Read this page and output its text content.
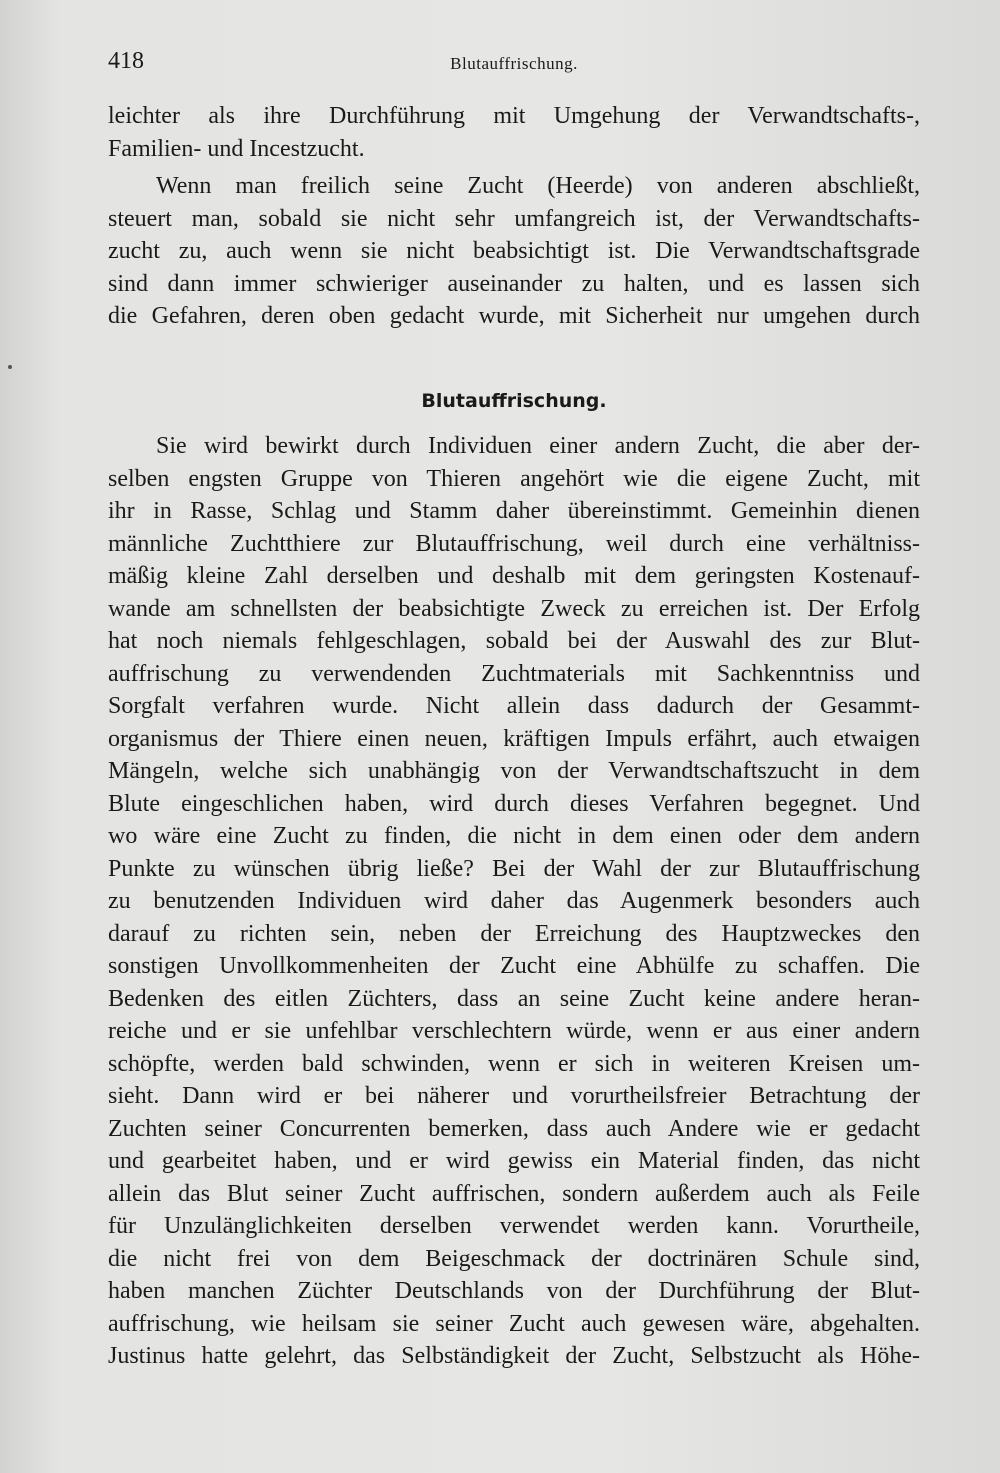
418	Blutauffrischung.
leichter als ihre Durchführung mit Umgehung der Verwandtschafts-,
Familien- und Incestzucht.
Wenn man freilich seine Zucht (Heerde) von anderen abschließt,
steuert man, sobald sie nicht sehr umfangreich ist, der Verwandtschafts-
zucht zu, auch wenn sie nicht beabsichtigt ist. Die Verwandtschaftsgrade
sind dann immer schwieriger auseinander zu halten, und es lassen sich
die Gefahren, deren oben gedacht wurde, mit Sicherheit nur umgehen durch
Blutauffrischung.
Sie wird bewirkt durch Individuen einer andern Zucht, die aber der-
selben engsten Gruppe von Thieren angehört wie die eigene Zucht, mit
ihr in Rasse, Schlag und Stamm daher übereinstimmt. Gemeinhin dienen
männliche Zuchtthiere zur Blutauffrischung, weil durch eine verhältniss-
mäßig kleine Zahl derselben und deshalb mit dem geringsten Kostenauf-
wande am schnellsten der beabsichtigte Zweck zu erreichen ist. Der Erfolg
hat noch niemals fehlgeschlagen, sobald bei der Auswahl des zur Blut-
auffrischung zu verwendenden Zuchtmaterials mit Sachkenntniss und
Sorgfalt verfahren wurde. Nicht allein dass dadurch der Gesammt-
organismus der Thiere einen neuen, kräftigen Impuls erfährt, auch etwaigen
Mängeln, welche sich unabhängig von der Verwandtschaftszucht in dem
Blute eingeschlichen haben, wird durch dieses Verfahren begegnet. Und
wo wäre eine Zucht zu finden, die nicht in dem einen oder dem andern
Punkte zu wünschen übrig ließe? Bei der Wahl der zur Blutauffrischung
zu benutzenden Individuen wird daher das Augenmerk besonders auch
darauf zu richten sein, neben der Erreichung des Hauptzweckes den
sonstigen Unvollkommenheiten der Zucht eine Abhülfe zu schaffen. Die
Bedenken des eitlen Züchters, dass an seine Zucht keine andere heran-
reiche und er sie unfehlbar verschlechtern würde, wenn er aus einer andern
schöpfte, werden bald schwinden, wenn er sich in weiteren Kreisen um-
sieht. Dann wird er bei näherer und vorurtheilsfreier Betrachtung der
Zuchten seiner Concurrenten bemerken, dass auch Andere wie er gedacht
und gearbeitet haben, und er wird gewiss ein Material finden, das nicht
allein das Blut seiner Zucht auffrischen, sondern außerdem auch als Feile
für Unzulänglichkeiten derselben verwendet werden kann. Vorurtheile,
die nicht frei von dem Beigeschmack der doctrinären Schule sind,
haben manchen Züchter Deutschlands von der Durchführung der Blut-
auffrischung, wie heilsam sie seiner Zucht auch gewesen wäre, abgehalten.
Justinus hatte gelehrt, das Selbständigkeit der Zucht, Selbstzucht als Höhe-
